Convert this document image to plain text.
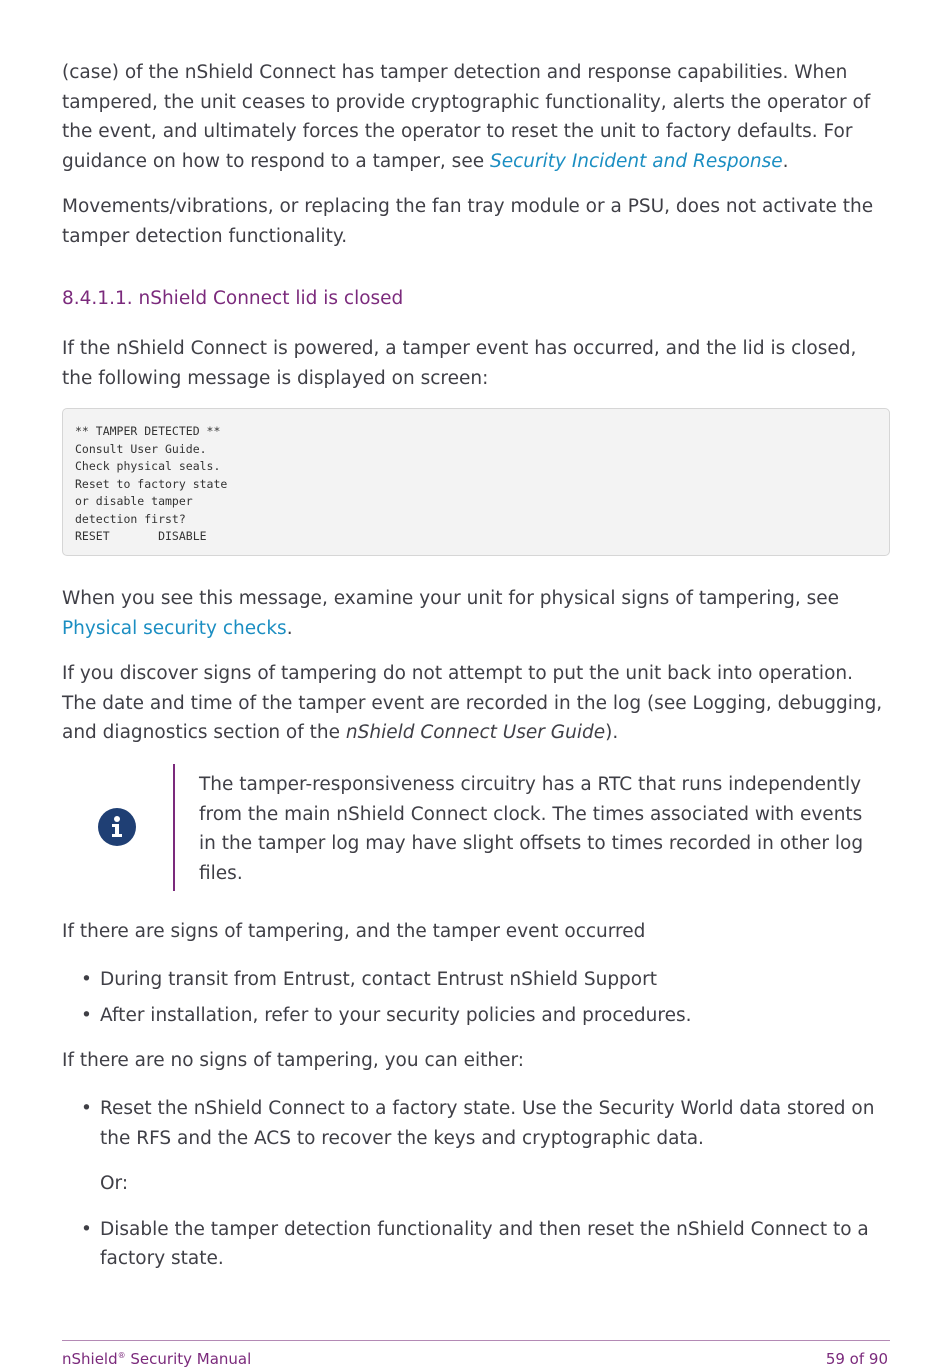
(case) of the nShield Connect has tamper detection and response capabilities. When tampered, the unit ceases to provide cryptographic functionality, alerts the operator of the event, and ultimately forces the operator to reset the unit to factory defaults. For guidance on how to respond to a tamper, see Security Incident and Response.

Movements/vibrations, or replacing the fan tray module or a PSU, does not activate the tamper detection functionality.

8.4.1.1. nShield Connect lid is closed

If the nShield Connect is powered, a tamper event has occurred, and the lid is closed, the following message is displayed on screen:

** TAMPER DETECTED **
Consult User Guide.
Check physical seals.
Reset to factory state
or disable tamper
detection first?
RESET       DISABLE

When you see this message, examine your unit for physical signs of tampering, see Physical security checks.

If you discover signs of tampering do not attempt to put the unit back into operation. The date and time of the tamper event are recorded in the log (see Logging, debugging, and diagnostics section of the nShield Connect User Guide).

The tamper-responsiveness circuitry has a RTC that runs independently from the main nShield Connect clock. The times associated with events in the tamper log may have slight offsets to times recorded in other log files.

If there are signs of tampering, and the tamper event occurred

• During transit from Entrust, contact Entrust nShield Support
• After installation, refer to your security policies and procedures.

If there are no signs of tampering, you can either:

• Reset the nShield Connect to a factory state. Use the Security World data stored on the RFS and the ACS to recover the keys and cryptographic data.
Or:
• Disable the tamper detection functionality and then reset the nShield Connect to a factory state.
nShield® Security Manual	59 of 90
